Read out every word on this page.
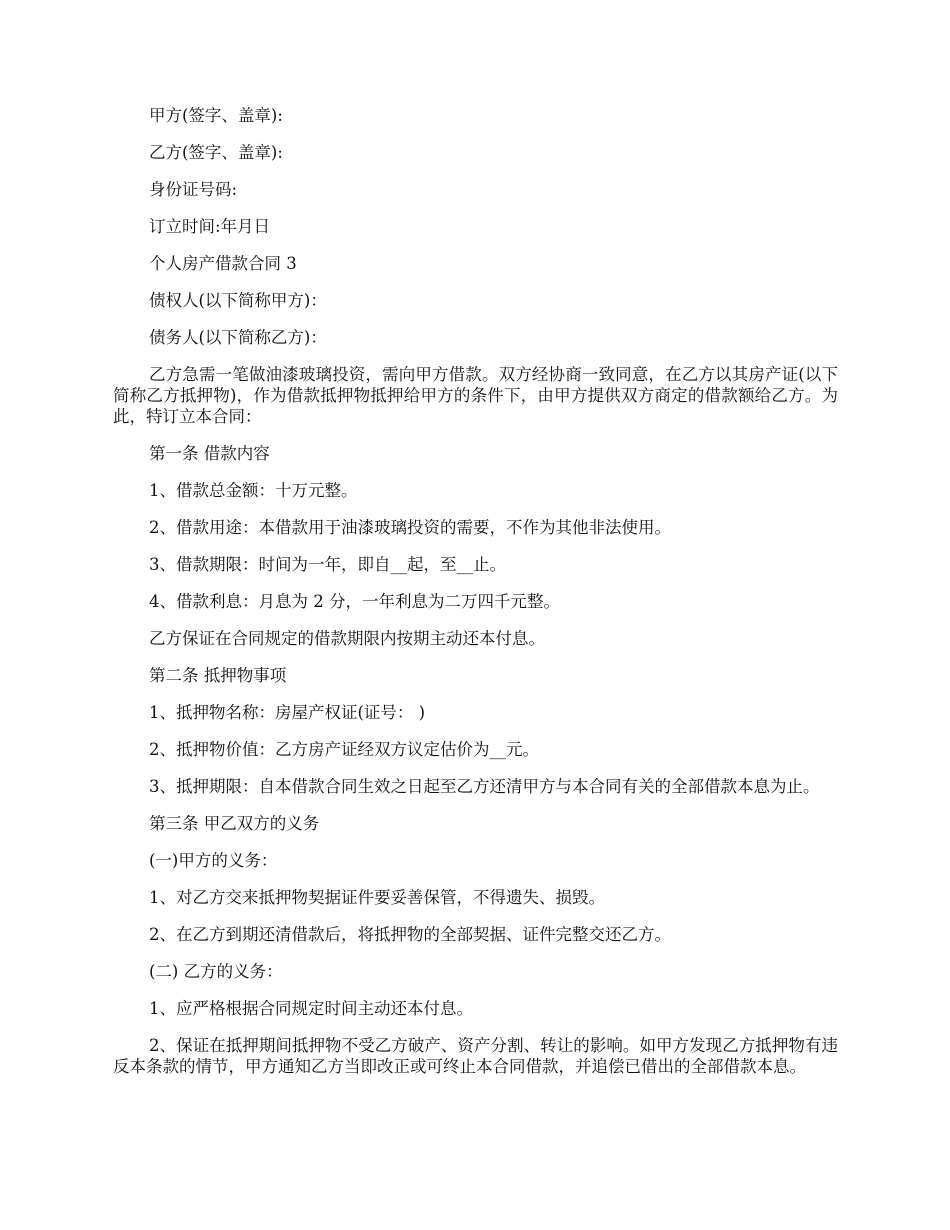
甲方(签字、盖章):

乙方(签字、盖章):

身份证号码:

订立时间:年月日

个人房产借款合同 3

债权人(以下简称甲方)：

债务人(以下简称乙方)：

乙方急需一笔做油漆玻璃投资，需向甲方借款。双方经协商一致同意，在乙方以其房产证(以下简称乙方抵押物)，作为借款抵押物抵押给甲方的条件下，由甲方提供双方商定的借款额给乙方。为此，特订立本合同：

第一条 借款内容

1、借款总金额：十万元整。

2、借款用途：本借款用于油漆玻璃投资的需要，不作为其他非法使用。

3、借款期限：时间为一年，即自__起，至__止。

4、借款利息：月息为 2 分，一年利息为二万四千元整。

乙方保证在合同规定的借款期限内按期主动还本付息。

第二条 抵押物事项

1、抵押物名称：房屋产权证(证号： )

2、抵押物价值：乙方房产证经双方议定估价为__元。

3、抵押期限：自本借款合同生效之日起至乙方还清甲方与本合同有关的全部借款本息为止。

第三条 甲乙双方的义务

(一)甲方的义务：

1、对乙方交来抵押物契据证件要妥善保管，不得遗失、损毁。

2、在乙方到期还清借款后，将抵押物的全部契据、证件完整交还乙方。

(二) 乙方的义务：

1、应严格根据合同规定时间主动还本付息。

2、保证在抵押期间抵押物不受乙方破产、资产分割、转让的影响。如甲方发现乙方抵押物有违反本条款的情节，甲方通知乙方当即改正或可终止本合同借款，并追偿已借出的全部借款本息。
